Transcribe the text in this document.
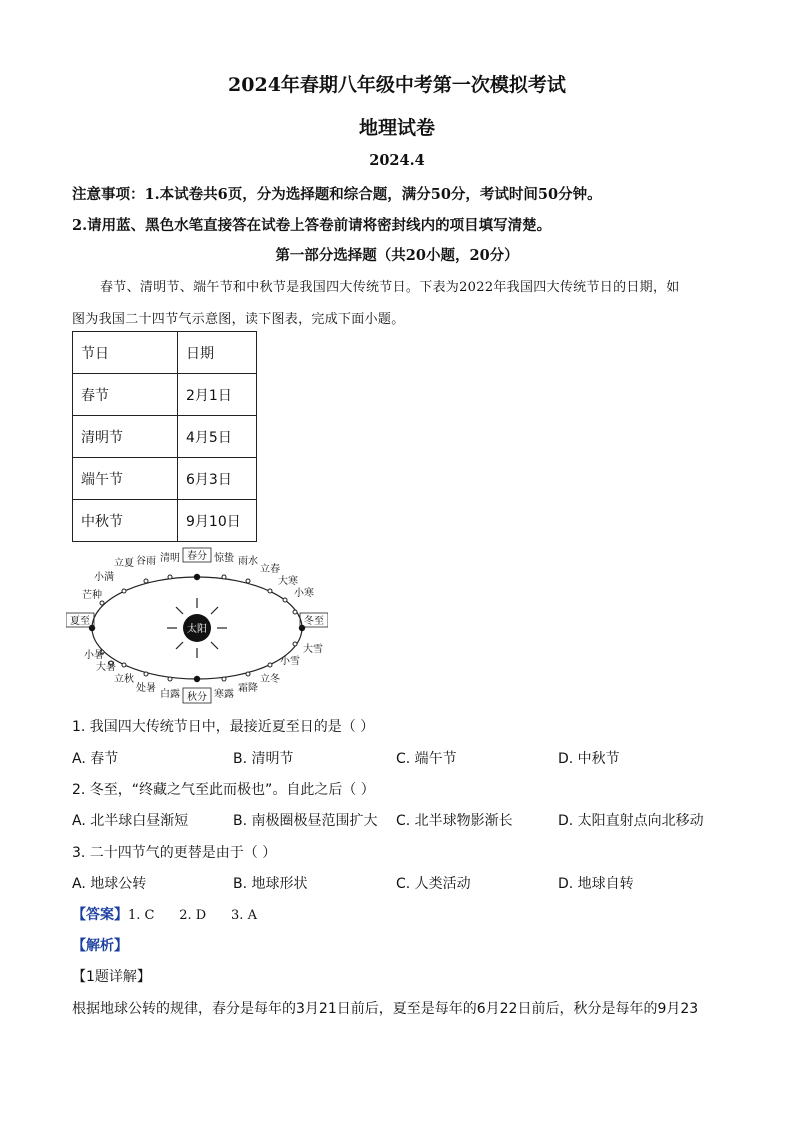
2024年春期八年级中考第一次模拟考试
地理试卷
2024.4
注意事项：1.本试卷共6页，分为选择题和综合题，满分50分，考试时间50分钟。
2.请用蓝、黑色水笔直接答在试卷上答卷前请将密封线内的项目填写清楚。
第一部分选择题（共20小题，20分）
春节、清明节、端午节和中秋节是我国四大传统节日。下表为2022年我国四大传统节日的日期，如
图为我国二十四节气示意图，读下图表，完成下面小题。
节日	日期
春节	2月1日
清明节	4月5日
端午节	6月3日
中秋节	9月10日
太阳
立夏 谷雨 清明 春分 惊蛰 雨水
立春
大寒
小寒
小满
芒种
夏至
小暑
大暑
立秋
处暑
白露 秋分 寒露
霜降
立冬
小雪
冬至
大雪
1. 我国四大传统节日中，最接近夏至日的是（ ）
A. 春节	B. 清明节	C. 端午节	D. 中秋节
2. 冬至，“终藏之气至此而极也”。自此之后（ ）
A. 北半球白昼渐短	B. 南极圈极昼范围扩大 C. 北半球物影渐长	D. 太阳直射点向北移动
3. 二十四节气的更替是由于（ ）
A. 地球公转	B. 地球形状	C. 人类活动	D. 地球自转
【答案】1. C      2. D      3. A
【解析】
【1题详解】
根据地球公转的规律，春分是每年的3月21日前后，夏至是每年的6月22日前后，秋分是每年的9月23
